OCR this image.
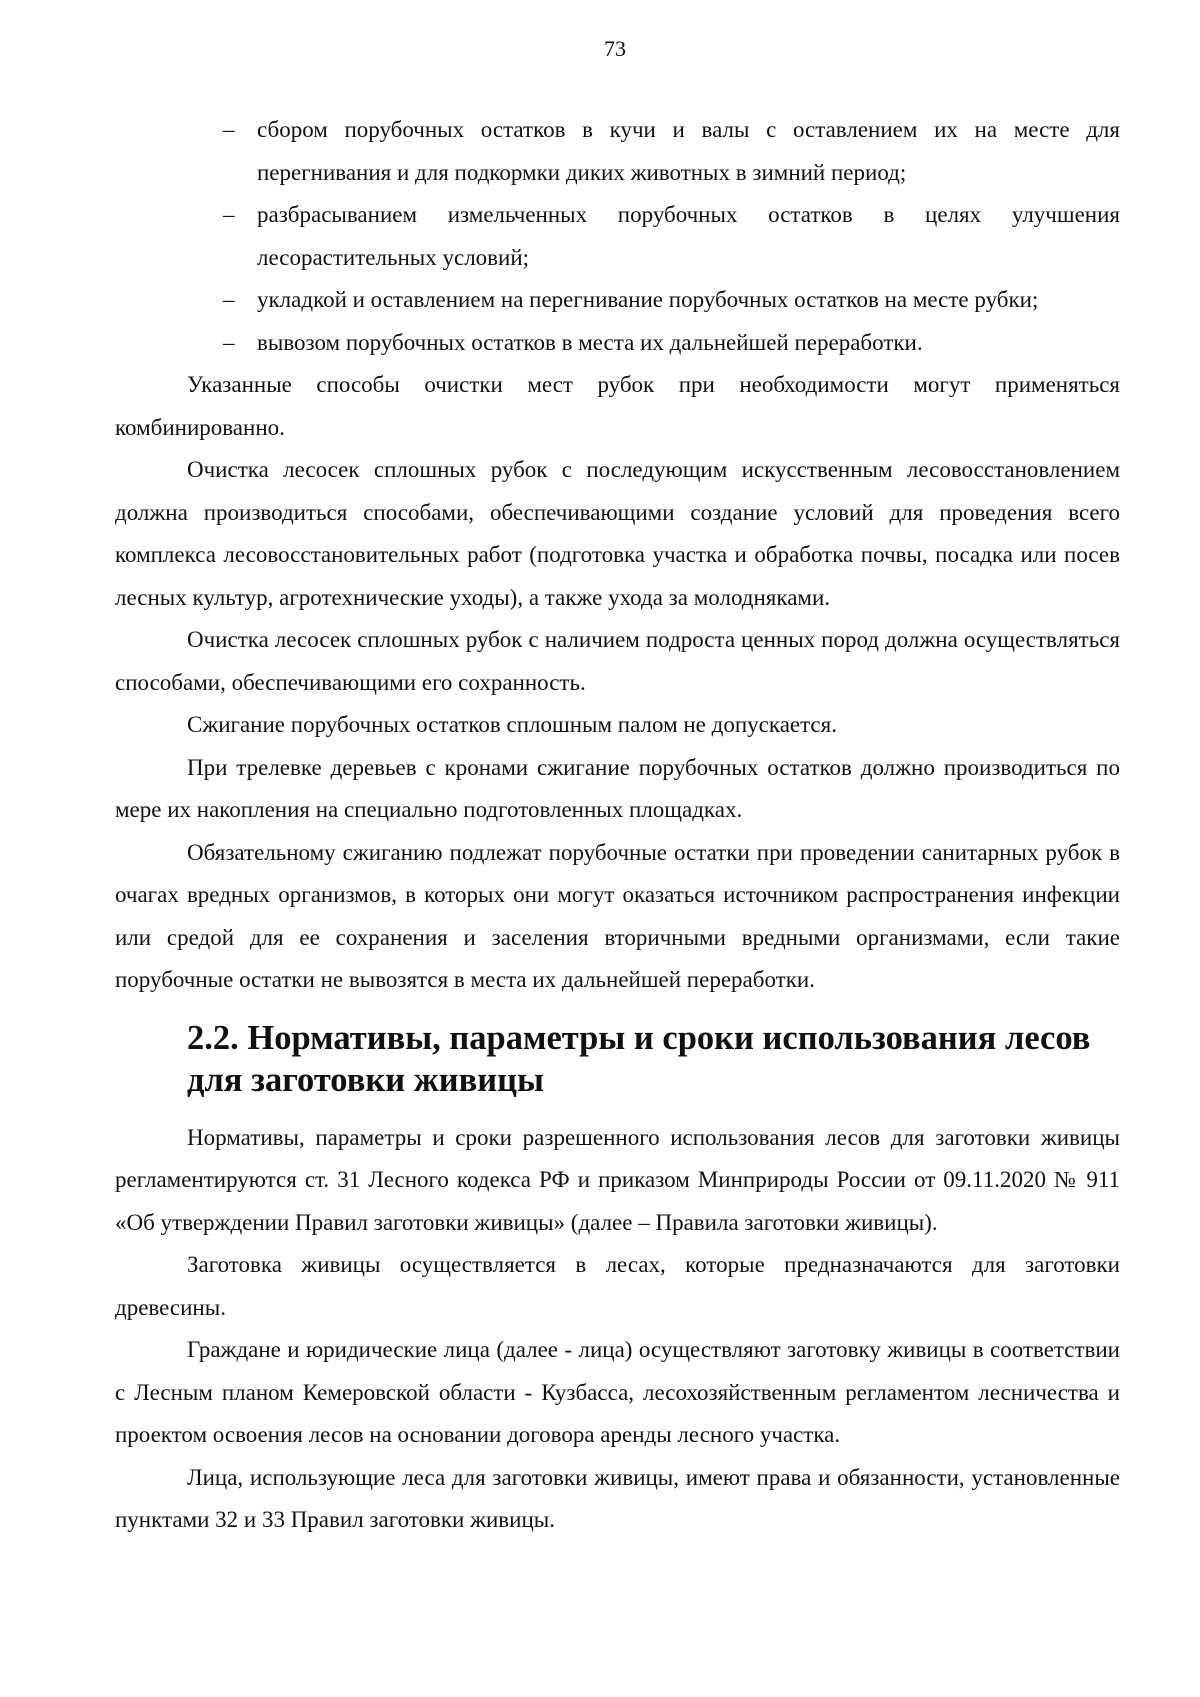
73
– сбором порубочных остатков в кучи и валы с оставлением их на месте для перегнивания и для подкормки диких животных в зимний период;
– разбрасыванием измельченных порубочных остатков в целях улучшения лесорастительных условий;
– укладкой и оставлением на перегнивание порубочных остатков на месте рубки;
– вывозом порубочных остатков в места их дальнейшей переработки.

Указанные способы очистки мест рубок при необходимости могут применяться комбинированно.

Очистка лесосек сплошных рубок с последующим искусственным лесовосстановлением должна производиться способами, обеспечивающими создание условий для проведения всего комплекса лесовосстановительных работ (подготовка участка и обработка почвы, посадка или посев лесных культур, агротехнические уходы), а также ухода за молодняками.

Очистка лесосек сплошных рубок с наличием подроста ценных пород должна осуществляться способами, обеспечивающими его сохранность.

Сжигание порубочных остатков сплошным палом не допускается.

При трелевке деревьев с кронами сжигание порубочных остатков должно производиться по мере их накопления на специально подготовленных площадках.

Обязательному сжиганию подлежат порубочные остатки при проведении санитарных рубок в очагах вредных организмов, в которых они могут оказаться источником распространения инфекции или средой для ее сохранения и заселения вторичными вредными организмами, если такие порубочные остатки не вывозятся в места их дальнейшей переработки.

2.2. Нормативы, параметры и сроки использования лесов для заготовки живицы

Нормативы, параметры и сроки разрешенного использования лесов для заготовки живицы регламентируются ст. 31 Лесного кодекса РФ и приказом Минприроды России от 09.11.2020 № 911 «Об утверждении Правил заготовки живицы» (далее – Правила заготовки живицы).

Заготовка живицы осуществляется в лесах, которые предназначаются для заготовки древесины.

Граждане и юридические лица (далее - лица) осуществляют заготовку живицы в соответствии с Лесным планом Кемеровской области - Кузбасса, лесохозяйственным регламентом лесничества и проектом освоения лесов на основании договора аренды лесного участка.

Лица, использующие леса для заготовки живицы, имеют права и обязанности, установленные пунктами 32 и 33 Правил заготовки живицы.
